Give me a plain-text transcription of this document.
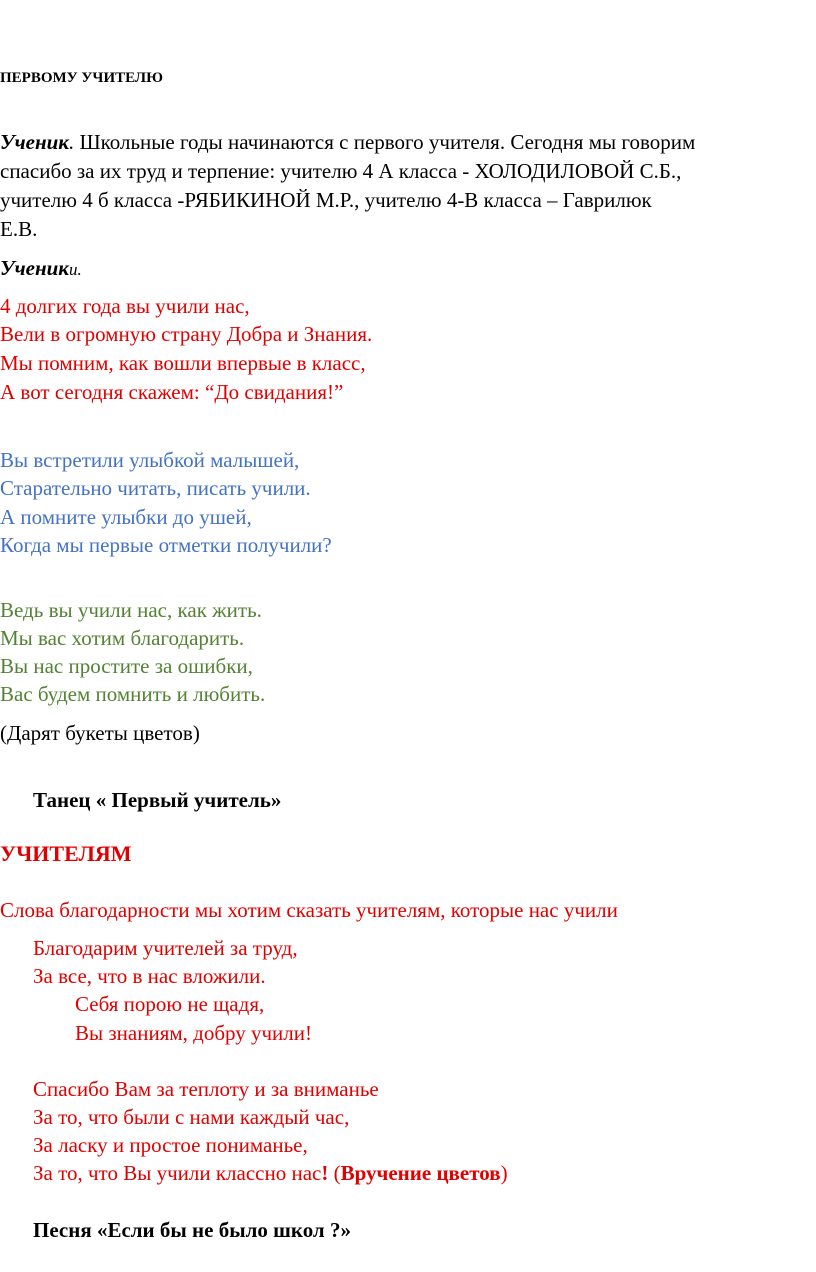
ПЕРВОМУ УЧИТЕЛЮ
Ученик. Школьные годы начинаются с первого учителя. Сегодня мы говорим
спасибо за их труд и терпение: учителю 4 А класса - ХОЛОДИЛОВОЙ С.Б.,
учителю 4 б класса -РЯБИКИНОЙ М.Р., учителю 4-В класса – Гаврилюк
Е.В.
Ученики.
4 долгих года вы учили нас,
Вели в огромную страну Добра и Знания.
Мы помним, как вошли впервые в класс,
А вот сегодня скажем: “До свидания!”
Вы встретили улыбкой малышей,
Старательно читать, писать учили.
А помните улыбки до ушей,
Когда мы первые отметки получили?
Ведь вы учили нас, как жить.
Мы вас хотим благодарить.
Вы нас простите за ошибки,
Вас будем помнить и любить.
(Дарят букеты цветов)
Танец « Первый учитель»
УЧИТЕЛЯМ
Слова благодарности мы хотим сказать учителям, которые нас учили
Благодарим учителей за труд,
За все, что в нас вложили.
Себя порою не щадя,
Вы знаниям, добру учили!
Спасибо Вам за теплоту и за вниманье
За то, что были с нами каждый час,
За ласку и простое пониманье,
За то, что Вы учили классно нас! (Вручение цветов)
Песня «Если бы не было школ ?»
